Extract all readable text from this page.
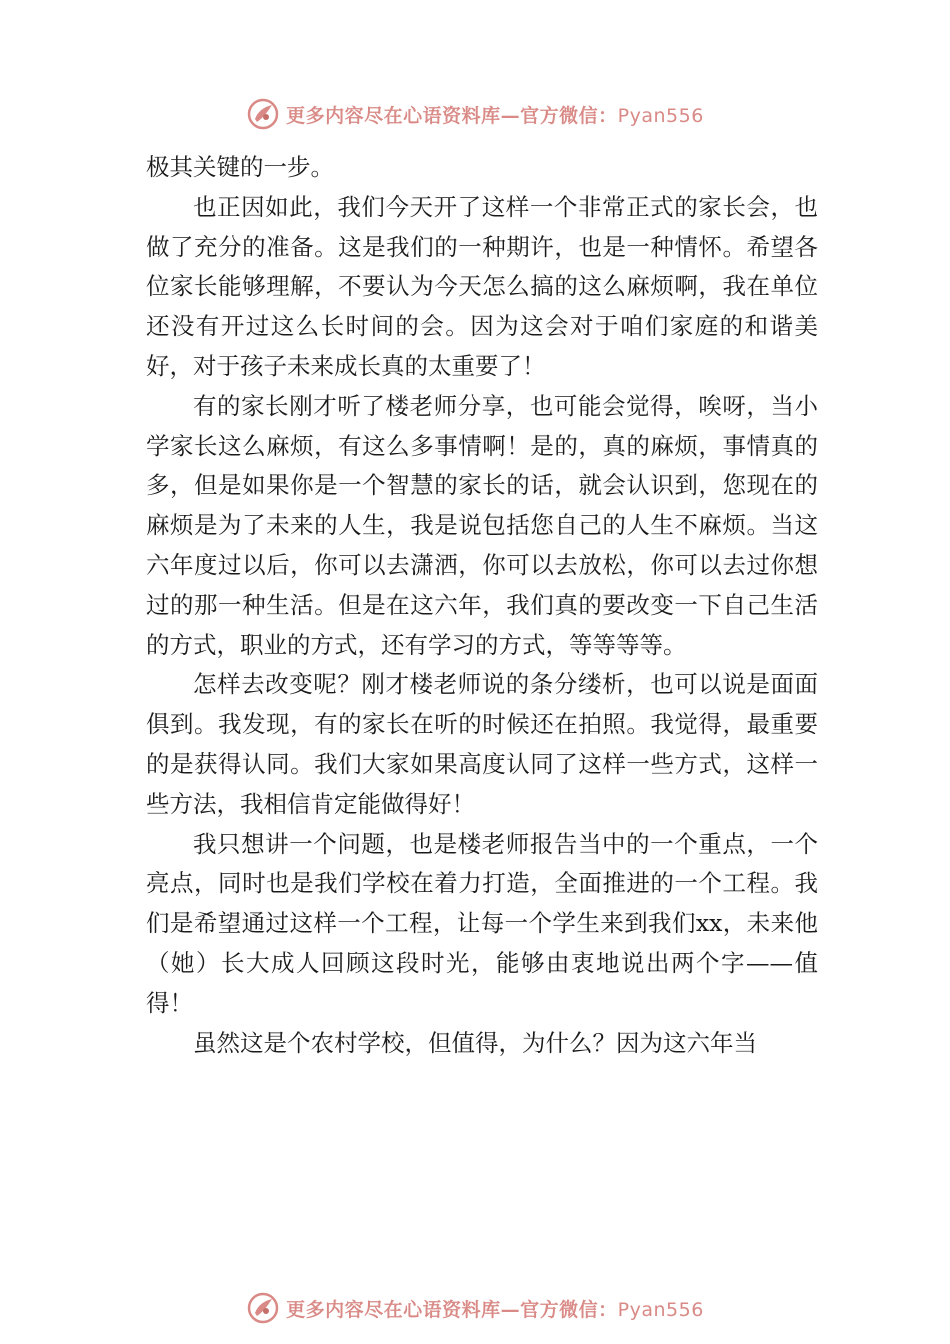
更多内容尽在心语资料库—官方微信：Pyan556

极其关键的一步。

也正因如此，我们今天开了这样一个非常正式的家长会，也做了充分的准备。这是我们的一种期许，也是一种情怀。希望各位家长能够理解，不要认为今天怎么搞的这么麻烦啊，我在单位还没有开过这么长时间的会。因为这会对于咱们家庭的和谐美好，对于孩子未来成长真的太重要了！

有的家长刚才听了楼老师分享，也可能会觉得，唉呀，当小学家长这么麻烦，有这么多事情啊！是的，真的麻烦，事情真的多，但是如果你是一个智慧的家长的话，就会认识到，您现在的麻烦是为了未来的人生，我是说包括您自己的人生不麻烦。当这六年度过以后，你可以去潇洒，你可以去放松，你可以去过你想过的那一种生活。但是在这六年，我们真的要改变一下自己生活的方式，职业的方式，还有学习的方式，等等等等。

怎样去改变呢？刚才楼老师说的条分缕析，也可以说是面面俱到。我发现，有的家长在听的时候还在拍照。我觉得，最重要的是获得认同。我们大家如果高度认同了这样一些方式，这样一些方法，我相信肯定能做得好！

我只想讲一个问题，也是楼老师报告当中的一个重点，一个亮点，同时也是我们学校在着力打造，全面推进的一个工程。我们是希望通过这样一个工程，让每一个学生来到我们xx，未来他（她）长大成人回顾这段时光，能够由衷地说出两个字——值得！

虽然这是个农村学校，但值得，为什么？因为这六年当

更多内容尽在心语资料库—官方微信：Pyan556
